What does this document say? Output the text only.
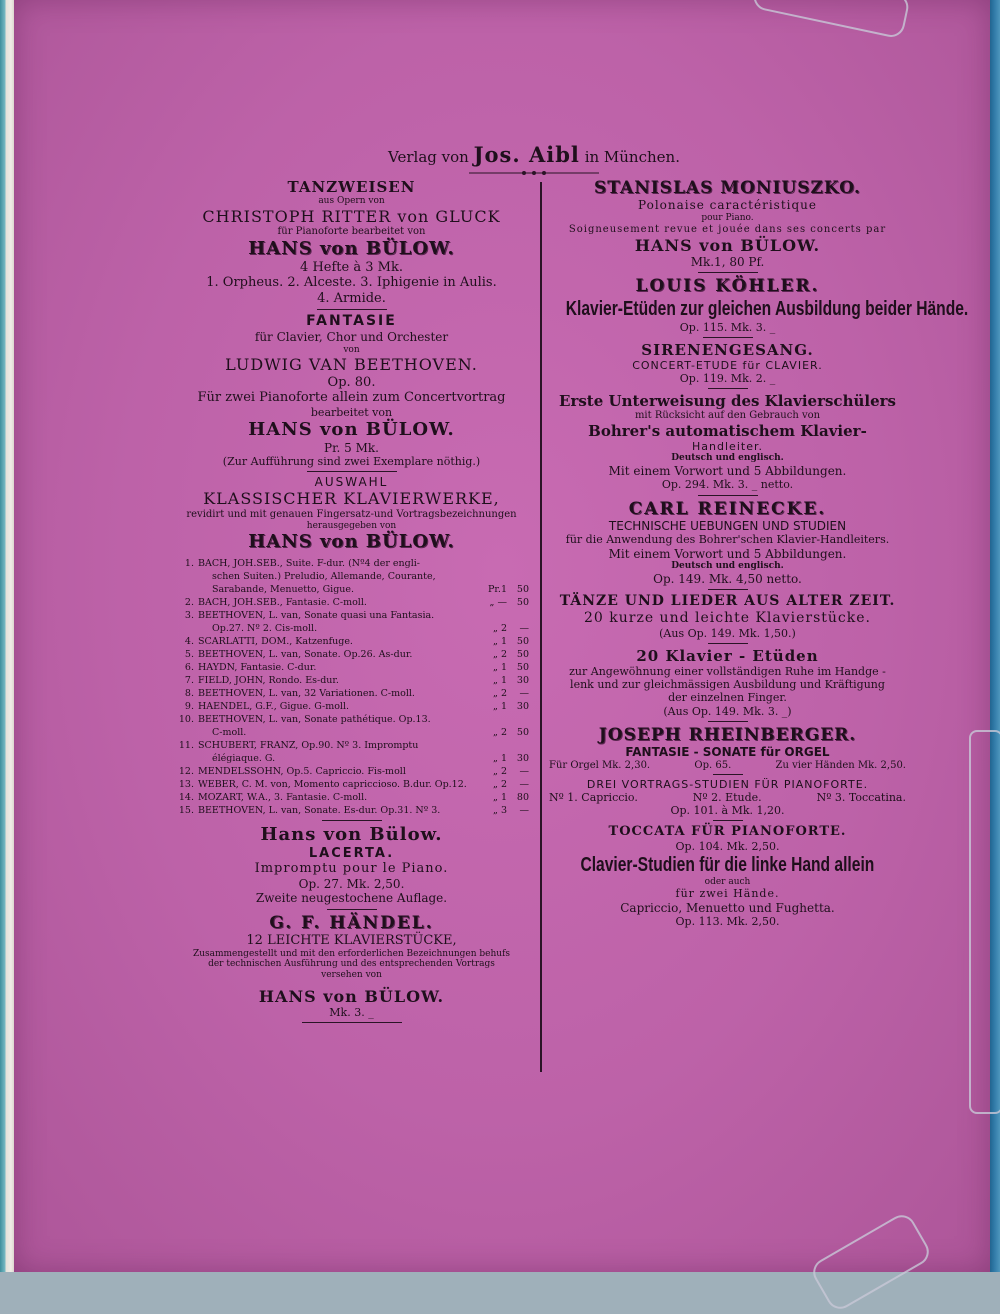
Verlag von Jos. Aibl in München.

TANZWEISEN

aus Opern von

CHRISTOPH RITTER von GLUCK

für Pianoforte bearbeitet von

HANS von BÜLOW.

4 Hefte à 3 Mk.

1. Orpheus. 2. Alceste. 3. Iphigenie in Aulis.

4. Armide.

FANTASIE

für Clavier, Chor und Orchester

von

LUDWIG VAN BEETHOVEN.

Op. 80.

Für zwei Pianoforte allein zum Concertvortrag

bearbeitet von

HANS von BÜLOW.

Pr. 5 Mk.

(Zur Aufführung sind zwei Exemplare nöthig.)

AUSWAHL

KLASSISCHER KLAVIERWERKE,

revidirt und mit genauen Fingersatz-und Vortragsbezeichnungen

herausgegeben von

HANS von BÜLOW.

1. BACH, JOH.SEB., Suite. F-dur. (Nº4 der engli-
schen Suiten.) Preludio, Allemande, Courante,
Sarabande, Menuetto, Gigue.	Pr.1	50
2. BACH, JOH.SEB., Fantasie. C-moll.	„ —	50
3. BEETHOVEN, L. van, Sonate quasi una Fantasia.
Op.27. Nº 2. Cis-moll.	„ 2	—
4. SCARLATTI, DOM., Katzenfuge.	„ 1	50
5. BEETHOVEN, L. van, Sonate. Op.26. As-dur.	„ 2	50
6. HAYDN, Fantasie. C-dur.	„ 1	50
7. FIELD, JOHN, Rondo. Es-dur.	„ 1	30
8. BEETHOVEN, L. van, 32 Variationen. C-moll.	„ 2	—
9. HAENDEL, G.F., Gigue. G-moll.	„ 1	30
10. BEETHOVEN, L. van, Sonate pathétique. Op.13.
C-moll.	„ 2	50
11. SCHUBERT, FRANZ, Op.90. Nº 3. Impromptu
élégiaque. G.	„ 1	30
12. MENDELSSOHN, Op.5. Capriccio. Fis-moll	„ 2	—
13. WEBER, C. M. von, Momento capriccioso. B.dur. Op.12.	„ 2	—
14. MOZART, W.A., 3. Fantasie. C-moll.	„ 1	80
15. BEETHOVEN, L. van, Sonate. Es-dur. Op.31. Nº 3.	„ 3	—

Hans von Bülow.

LACERTA.

Impromptu pour le Piano.

Op. 27. Mk. 2,50.

Zweite neugestochene Auflage.

G. F. HÄNDEL.

12 LEICHTE KLAVIERSTÜCKE,

Zusammengestellt und mit den erforderlichen Bezeichnungen behufs

der technischen Ausführung und des entsprechenden Vortrags

versehen von

HANS von BÜLOW.

Mk. 3. _

STANISLAS MONIUSZKO.

Polonaise caractéristique

pour Piano.

Soigneusement revue et jouée dans ses concerts par

HANS von BÜLOW.

Mk.1, 80 Pf.

LOUIS KÖHLER.

Klavier-Etüden zur gleichen Ausbildung beider Hände.

Op. 115. Mk. 3. _

SIRENENGESANG.

CONCERT-ETUDE für CLAVIER.

Op. 119. Mk. 2. _

Erste Unterweisung des Klavierschülers

mit Rücksicht auf den Gebrauch von

Bohrer's automatischem Klavier-

Handleiter.

Deutsch und englisch.

Mit einem Vorwort und 5 Abbildungen.

Op. 294. Mk. 3. _ netto.

CARL REINECKE.

TECHNISCHE UEBUNGEN UND STUDIEN

für die Anwendung des Bohrer'schen Klavier-Handleiters.

Mit einem Vorwort und 5 Abbildungen.

Deutsch und englisch.

Op. 149. Mk. 4,50 netto.

TÄNZE UND LIEDER AUS ALTER ZEIT.

20 kurze und leichte Klavierstücke.

(Aus Op. 149. Mk. 1,50.)

20 Klavier - Etüden

zur Angewöhnung einer vollständigen Ruhe im Handge -

lenk und zur gleichmässigen Ausbildung und Kräftigung

der einzelnen Finger.

(Aus Op. 149. Mk. 3. _)

JOSEPH RHEINBERGER.

FANTASIE - SONATE für ORGEL

Für Orgel Mk. 2,30.	Op. 65.	Zu vier Händen Mk. 2,50.

DREI VORTRAGS-STUDIEN FÜR PIANOFORTE.

Nº 1. Capriccio.	Nº 2. Etude.	Nº 3. Toccatina.

Op. 101. à Mk. 1,20.

TOCCATA FÜR PIANOFORTE.

Op. 104. Mk. 2,50.

Clavier-Studien für die linke Hand allein

oder auch

für zwei Hände.

Capriccio, Menuetto und Fughetta.

Op. 113. Mk. 2,50.
